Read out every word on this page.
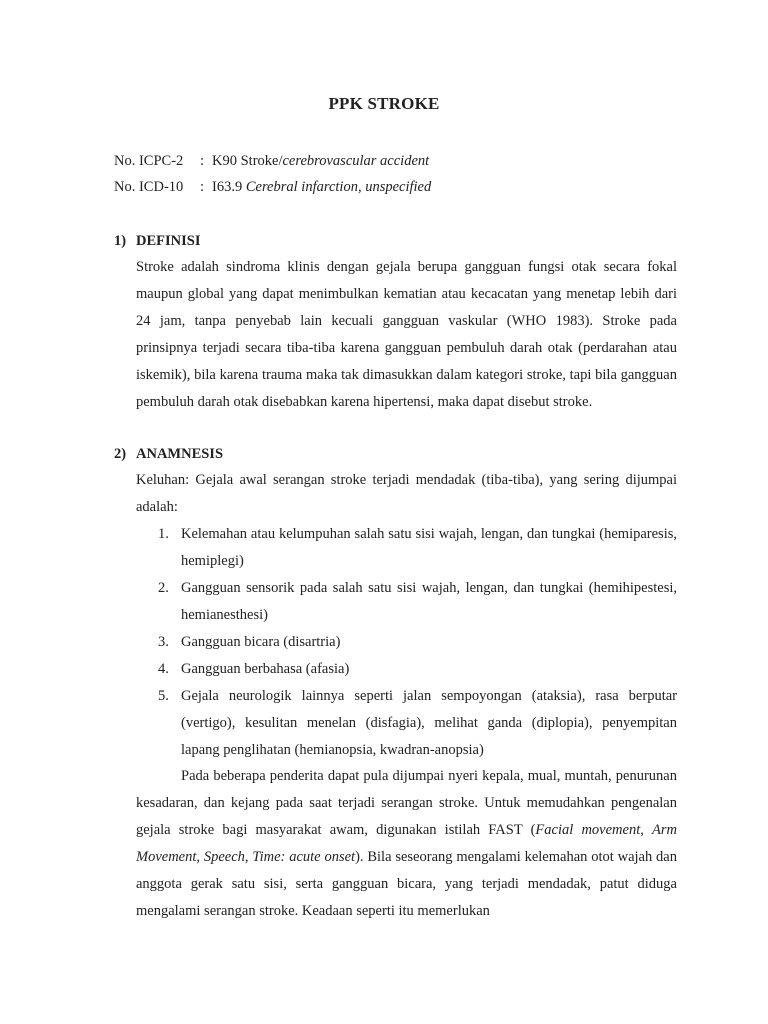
PPK STROKE
No. ICPC-2 : K90 Stroke/cerebrovascular accident
No. ICD-10 : I63.9 Cerebral infarction, unspecified
1) DEFINISI
Stroke adalah sindroma klinis dengan gejala berupa gangguan fungsi otak secara fokal maupun global yang dapat menimbulkan kematian atau kecacatan yang menetap lebih dari 24 jam, tanpa penyebab lain kecuali gangguan vaskular (WHO 1983). Stroke pada prinsipnya terjadi secara tiba-tiba karena gangguan pembuluh darah otak (perdarahan atau iskemik), bila karena trauma maka tak dimasukkan dalam kategori stroke, tapi bila gangguan pembuluh darah otak disebabkan karena hipertensi, maka dapat disebut stroke.
2) ANAMNESIS
Keluhan: Gejala awal serangan stroke terjadi mendadak (tiba-tiba), yang sering dijumpai adalah:
1. Kelemahan atau kelumpuhan salah satu sisi wajah, lengan, dan tungkai (hemiparesis, hemiplegi)
2. Gangguan sensorik pada salah satu sisi wajah, lengan, dan tungkai (hemihipestesi, hemianesthesi)
3. Gangguan bicara (disartria)
4. Gangguan berbahasa (afasia)
5. Gejala neurologik lainnya seperti jalan sempoyongan (ataksia), rasa berputar (vertigo), kesulitan menelan (disfagia), melihat ganda (diplopia), penyempitan lapang penglihatan (hemianopsia, kwadran-anopsia)
Pada beberapa penderita dapat pula dijumpai nyeri kepala, mual, muntah, penurunan kesadaran, dan kejang pada saat terjadi serangan stroke. Untuk memudahkan pengenalan gejala stroke bagi masyarakat awam, digunakan istilah FAST (Facial movement, Arm Movement, Speech, Time: acute onset). Bila seseorang mengalami kelemahan otot wajah dan anggota gerak satu sisi, serta gangguan bicara, yang terjadi mendadak, patut diduga mengalami serangan stroke. Keadaan seperti itu memerlukan
